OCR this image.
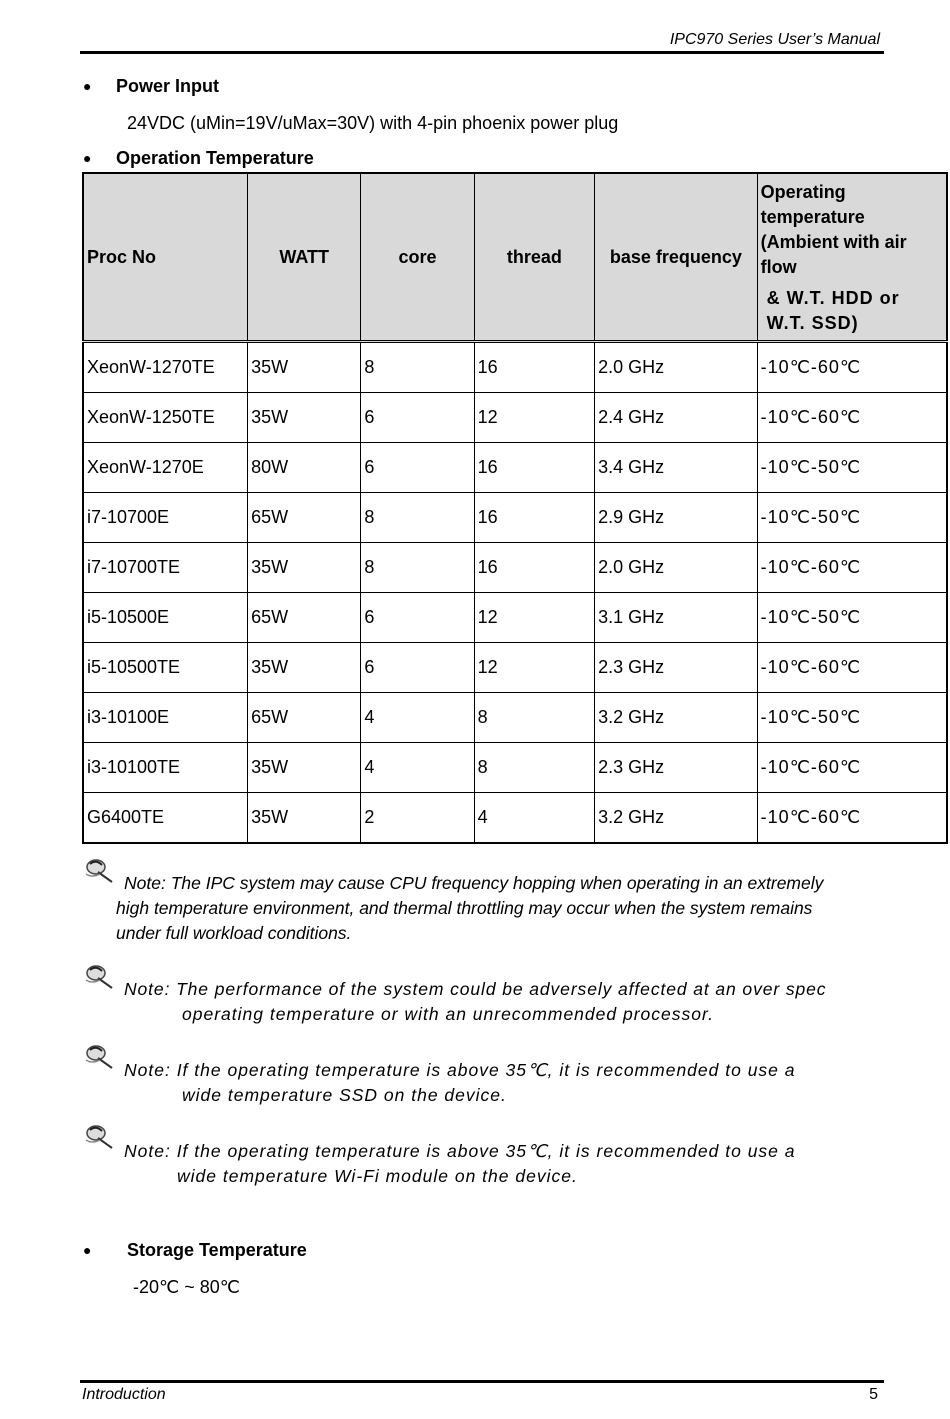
IPC970 Series User’s Manual
● Power Input
24VDC (uMin=19V/uMax=30V) with 4-pin phoenix power plug
● Operation Temperature
Proc No	WATT	core	thread	base frequency	Operating temperature (Ambient with air flow
& W.T. HDD or W.T. SSD)

XeonW-1270TE	35W	8	16	2.0 GHz	-10℃-60℃
XeonW-1250TE	35W	6	12	2.4 GHz	-10℃-60℃
XeonW-1270E	80W	6	16	3.4 GHz	-10℃-50℃
i7-10700E	65W	8	16	2.9 GHz	-10℃-50℃
i7-10700TE	35W	8	16	2.0 GHz	-10℃-60℃
i5-10500E	65W	6	12	3.1 GHz	-10℃-50℃
i5-10500TE	35W	6	12	2.3 GHz	-10℃-60℃
i3-10100E	65W	4	8	3.2 GHz	-10℃-50℃
i3-10100TE	35W	4	8	2.3 GHz	-10℃-60℃
G6400TE	35W	2	4	3.2 GHz	-10℃-60℃
Note: The IPC system may cause CPU frequency hopping when operating in an extremely
high temperature environment, and thermal throttling may occur when the system remains
under full workload conditions.
Note: The performance of the system could be adversely affected at an over spec
operating temperature or with an unrecommended processor.
Note: If the operating temperature is above 35℃, it is recommended to use a
wide temperature SSD on the device.
Note: If the operating temperature is above 35℃, it is recommended to use a
wide temperature Wi-Fi module on the device.
● Storage Temperature
-20℃ ~ 80℃
Introduction	5
